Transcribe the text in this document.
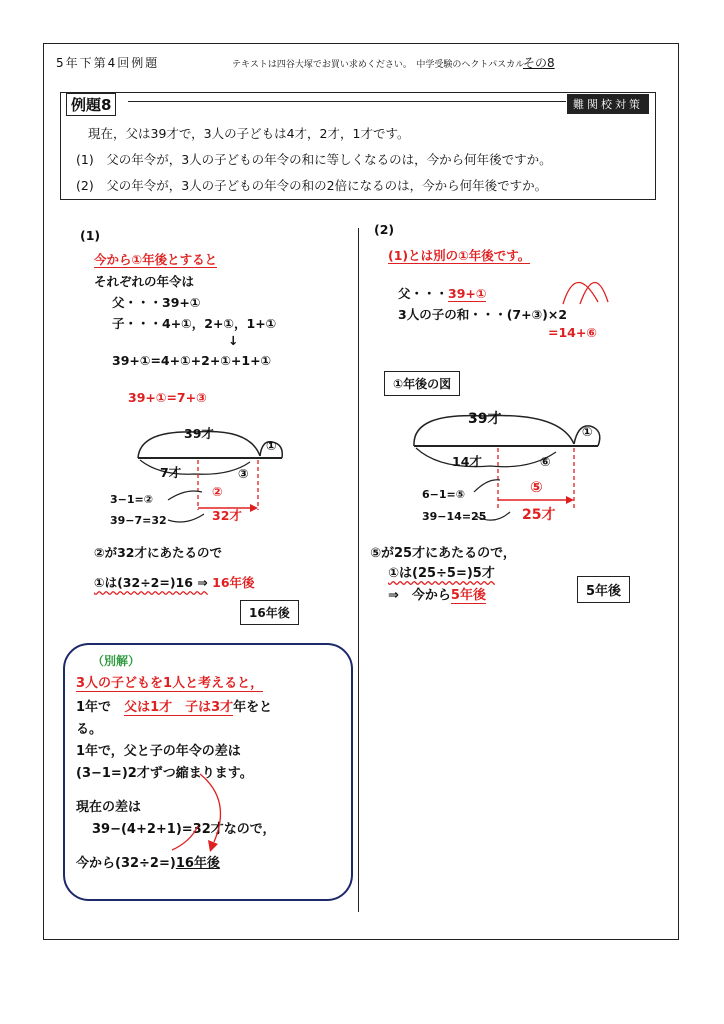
5年下第4回例題	テキストは四谷大塚でお買い求めください。　中学受験のヘクトパスカル
その8
例題8	難関校対策
現在，父は39才で，3人の子どもは4才，2才，1才です。
(1)　父の年令が，3人の子どもの年令の和に等しくなるのは，今から何年後ですか。
(2)　父の年令が，3人の子どもの年令の和の2倍になるのは，今から何年後ですか。
(1)
今から①年後とすると
それぞれの年令は
父・・・39+①
子・・・4+①，2+①，1+①
↓
39+①=4+①+2+①+1+①
39+①=7+③
39才
①
7才	③
②
32才
3−1=②
39−7=32
②が32才にあたるので
①は(32÷2=)16 ⇒ 16年後
16年後
（別解）
3人の子どもを1人と考えると，
1年で　 父は1才　子は3才年をと
る。
1年で，父と子の年令の差は
(3−1=)2才ずつ縮まります。
現在の差は
39−(4+2+1)=32才なので，
今から(32÷2=)16年後
(2)
(1)とは別の①年後です。
父・・・39+①
3人の子の和・・・(7+③)×2
=14+⑥
①年後の図
39才
①
14才	⑥
⑤
25才
6−1=⑤
39−14=25
⑤が25才にあたるので，
①は(25÷5=)5才
⇒　今から5年後	5年後
